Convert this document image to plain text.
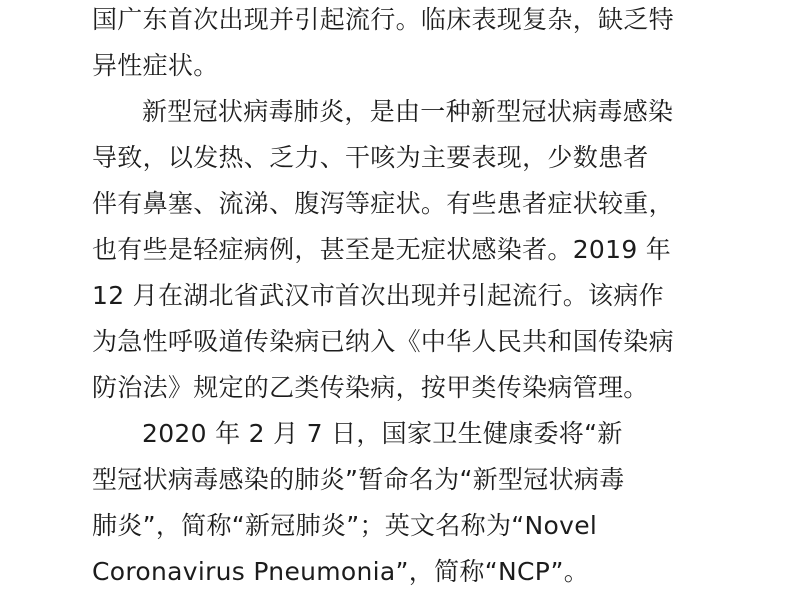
国广东首次出现并引起流行。临床表现复杂，缺乏特
异性症状。
新型冠状病毒肺炎，是由一种新型冠状病毒感染
导致，以发热、乏力、干咳为主要表现，少数患者
伴有鼻塞、流涕、腹泻等症状。有些患者症状较重，
也有些是轻症病例，甚至是无症状感染者。2019 年
12 月在湖北省武汉市首次出现并引起流行。该病作
为急性呼吸道传染病已纳入《中华人民共和国传染病
防治法》规定的乙类传染病，按甲类传染病管理。
2020 年 2 月 7 日，国家卫生健康委将“新
型冠状病毒感染的肺炎”暂命名为“新型冠状病毒
肺炎”，简称“新冠肺炎”；英文名称为“Novel
Coronavirus Pneumonia”，简称“NCP”。
